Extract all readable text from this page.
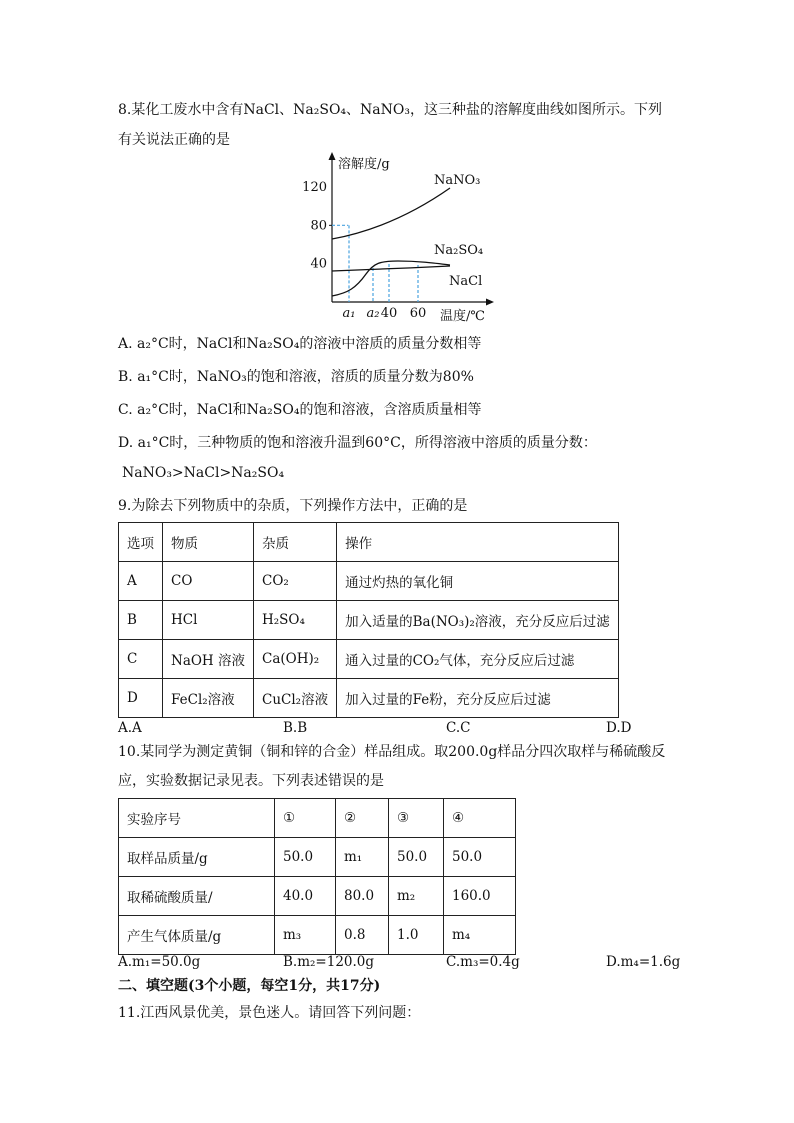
8.某化工废水中含有NaCl、Na₂SO₄、NaNO₃，这三种盐的溶解度曲线如图所示。下列
有关说法正确的是
120
80
40
a₁ a₂ 40 60
NaNO₃
Na₂SO₄
NaCl
溶解度/g
温度/℃
A. a₂°C时，NaCl和Na₂SO₄的溶液中溶质的质量分数相等
B. a₁°C时，NaNO₃的饱和溶液，溶质的质量分数为80%
C. a₂°C时，NaCl和Na₂SO₄的饱和溶液，含溶质质量相等
D. a₁°C时，三种物质的饱和溶液升温到60°C，所得溶液中溶质的质量分数：
NaNO₃>NaCl>Na₂SO₄
9.为除去下列物质中的杂质，下列操作方法中，正确的是
选项	物质	杂质	操作
A	CO	CO₂	通过灼热的氧化铜
B	HCl	H₂SO₄	加入适量的Ba(NO₃)₂溶液，充分反应后过滤
C	NaOH 溶液	Ca(OH)₂	通入过量的CO₂气体，充分反应后过滤
D	FeCl₂溶液	CuCl₂溶液	加入过量的Fe粉，充分反应后过滤
A.A	B.B	C.C	D.D
10.某同学为测定黄铜（铜和锌的合金）样品组成。取200.0g样品分四次取样与稀硫酸反
应，实验数据记录见表。下列表述错误的是
实验序号	①	②	③	④
取样品质量/g	50.0	m₁	50.0	50.0
取稀硫酸质量/	40.0	80.0	m₂	160.0
产生气体质量/g	m₃	0.8	1.0	m₄
A.m₁=50.0g	B.m₂=120.0g	C.m₃=0.4g	D.m₄=1.6g
二、填空题(3个小题，每空1分，共17分)
11.江西风景优美，景色迷人。请回答下列问题：
